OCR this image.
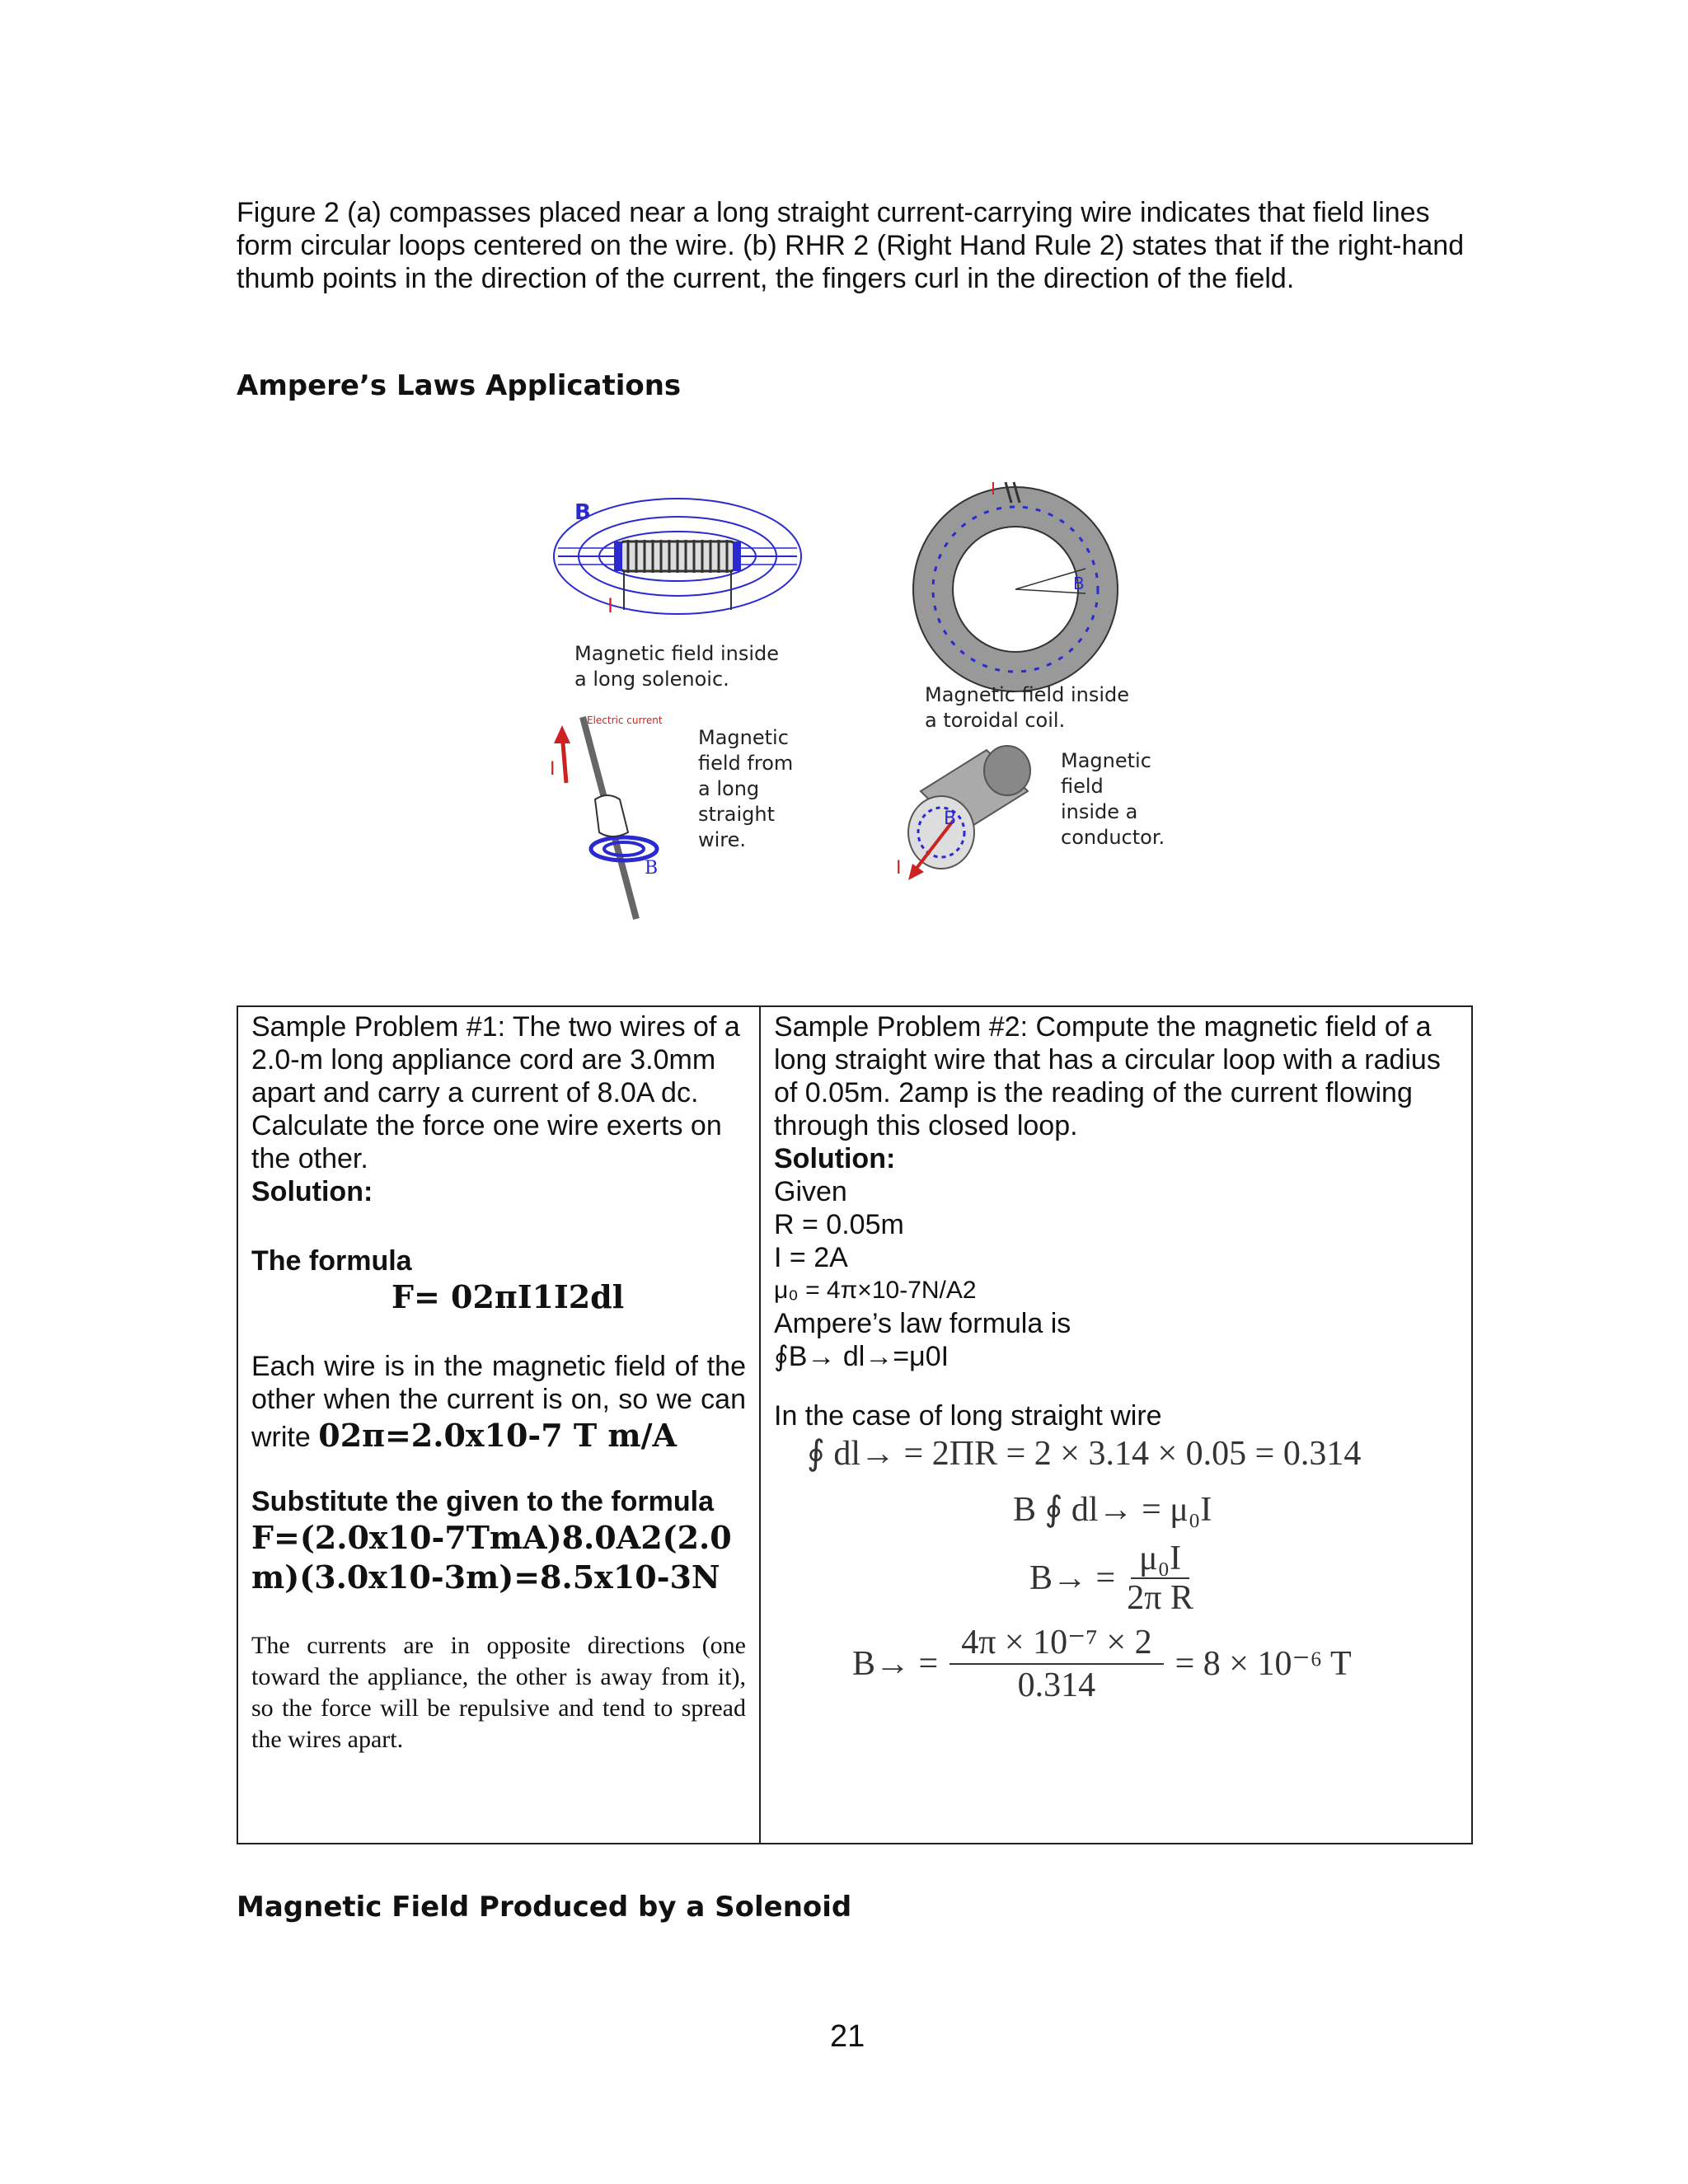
Figure 2 (a) compasses placed near a long straight current-carrying wire indicates that field lines form circular loops centered on the wire. (b) RHR 2 (Right Hand Rule 2) states that if the right-hand thumb points in the direction of the current, the fingers curl in the direction of the field.
Ampere’s Laws Applications
B
I
Magnetic field inside a long solenoic.
I
B
Magnetic field inside a toroidal coil.
Electric current
I
B
Magnetic field from a long straight wire.
B
I
Magnetic field inside a conductor.
Sample Problem #1: The two wires of a 2.0-m long appliance cord are 3.0mm apart and carry a current of 8.0A dc. Calculate the force one wire exerts on the other.
Solution:
The formula
F= 02πI1I2dl
Each wire is in the magnetic field of the other when the current is on, so we can write 02π=2.0x10-7 T m/A
Substitute the given to the formula
F=(2.0x10-7TmA)8.0A2(2.0m)(3.0x10-3m)=8.5x10-3N
The currents are in opposite directions (one toward the appliance, the other is away from it), so the force will be repulsive and tend to spread the wires apart.

Sample Problem #2: Compute the magnetic field of a long straight wire that has a circular loop with a radius of 0.05m. 2amp is the reading of the current flowing through this closed loop.
Solution:
Given
R = 0.05m
I = 2A
μ₀ = 4π×10-7N/A2
Ampere’s law formula is
∮B→ dl→=μ0I
In the case of long straight wire
∮ dl→ = 2ΠR = 2 × 3.14 × 0.05 = 0.314
B ∮ dl→ = μ₀I
$B\to = \frac{\text{μ₀I}}{\text{2π R}}$
$B\to = \frac{\text{4π × 10⁻⁷ × 2}}{0.314} = 8 \times 10^{-6}$ T
Magnetic Field Produced by a Solenoid
21
